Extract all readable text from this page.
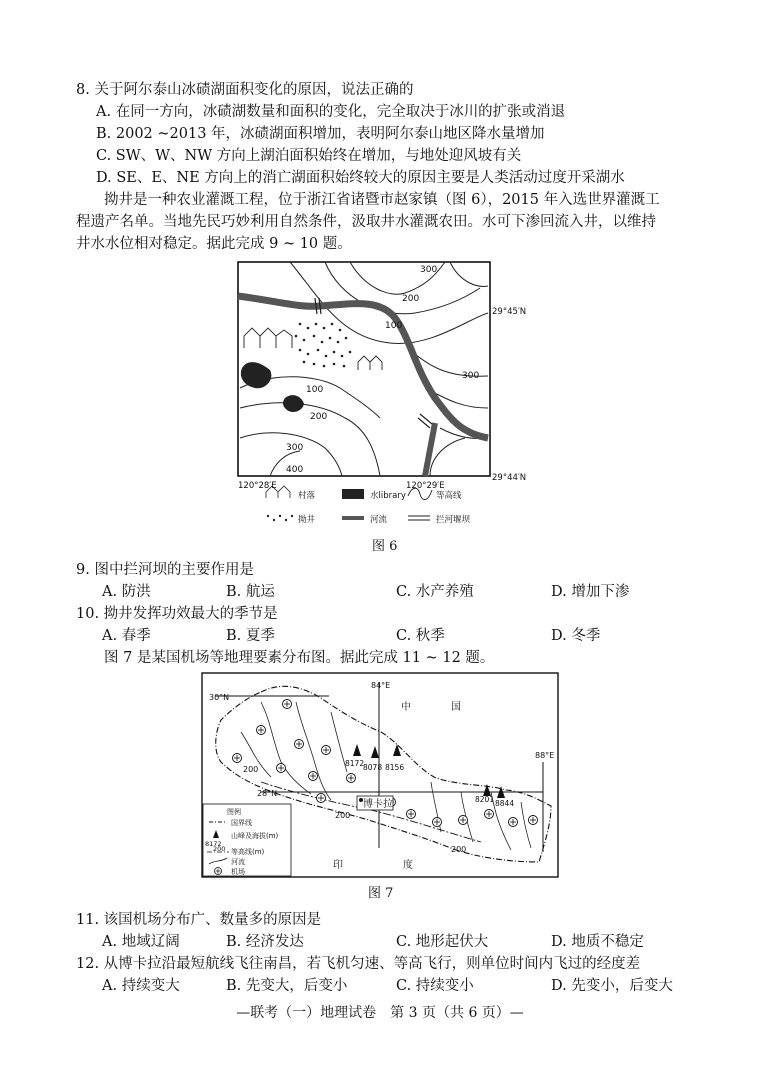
8. 关于阿尔泰山冰碛湖面积变化的原因，说法正确的
A. 在同一方向，冰碛湖数量和面积的变化，完全取决于冰川的扩张或消退
B. 2002 ~2013 年，冰碛湖面积增加，表明阿尔泰山地区降水量增加
C. SW、W、NW 方向上湖泊面积始终在增加，与地处迎风坡有关
D. SE、E、NE 方向上的消亡湖面积始终较大的原因主要是人类活动过度开采湖水
拗井是一种农业灌溉工程，位于浙江省诸暨市赵家镇（图 6），2015 年入选世界灌溉工
程遗产名单。当地先民巧妙利用自然条件，汲取井水灌溉农田。水可下渗回流入井，以维持
井水水位相对稳定。据此完成 9 ~ 10 题。
300
200
100
100
200
300
400
300
29°45′N
29°44′N
120°28′E	120°29′E
村落	水library	等高线
拗井	河流	拦河堰坝
图 6
9. 图中拦河坝的主要作用是
A. 防洪	B. 航运	C. 水产养殖	D. 增加下渗
10. 拗井发挥功效最大的季节是
A. 春季	B. 夏季	C. 秋季	D. 冬季
图 7 是某国机场等地理要素分布图。据此完成 11 ~ 12 题。
8172
8078 8156
8201 8844
博卡拉
30°N
28°N
84°E
88°E
200
200
200
中	国
印	度
图例
国界线
8172
山峰及海拔(m)
200 等高线(m)
河流
机场
图 7
11. 该国机场分布广、数量多的原因是
A. 地域辽阔	B. 经济发达	C. 地形起伏大	D. 地质不稳定
12. 从博卡拉沿最短航线飞往南昌，若飞机匀速、等高飞行，则单位时间内飞过的经度差
A. 持续变大	B. 先变大，后变小	C. 持续变小	D. 先变小，后变大
—联考（一）地理试卷　第 3 页（共 6 页）—
